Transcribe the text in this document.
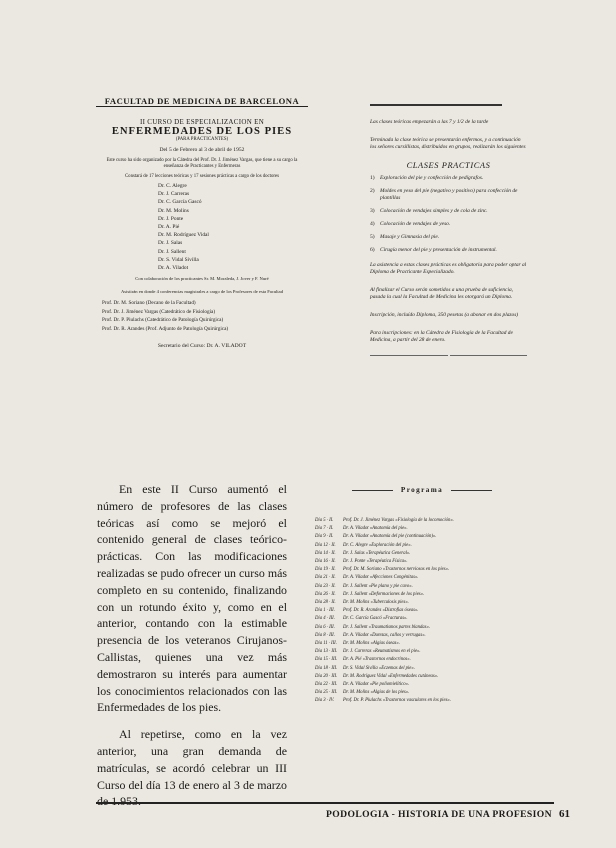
FACULTAD DE MEDICINA DE BARCELONA
II CURSO DE ESPECIALIZACION EN
ENFERMEDADES DE LOS PIES
(PARA PRACTICANTES)
Del 5 de Febrero al 3 de abril de 1952
Este curso ha sido organizado por la Cátedra del Prof. Dr. J. Jiménez Vargas, que tiene a su cargo la enseñanza de Practicantes y Enfermeras
Constará de 17 lecciones teóricas y 17 sesiones prácticas a cargo de los doctores
Dr. C. Alegre
Dr. J. Carreras
Dr. C. García Gascó
Dr. M. Molins
Dr. J. Ponte
Dr. A. Pié
Dr. M. Rodríguez Vidal
Dr. J. Salas
Dr. J. Sallent
Dr. S. Vidal Sivilla
Dr. A. Viladot
Con colaboración de los practicantes Sr. M. Moraleda, J. Jover y F. Nuré
Asistirán en donde 4 conferencias magistrales a cargo de los Profesores de esta Facultad
Prof. Dr. M. Soriano (Decano de la Facultad)
Prof. Dr. J. Jiménez Vargas (Catedrático de Fisiología)
Prof. Dr. P. Piulachs (Catedrático de Patología Quirúrgica)
Prof. Dr. R. Arandes (Prof. Adjunto de Patología Quirúrgica)
Secretario del Curso: Dr. A. VILADOT

Las clases teóricas empezarán a las 7 y 1/2 de la tarde

Terminada la clase teórica se presentarán enfermos, y a continuación los señores cursillistas, distribuidos en grupos, realizarán los siguientes

CLASES PRACTICAS
1) Exploración del pie y confección de pedígrafos.
2) Moldes en yeso del pie (negativo y positivo) para confección de plantillas
3) Colocación de vendajes simples y de cola de zinc.
4) Colocación de vendajes de yeso.
5) Masaje y Gimnasia del pie.
6) Cirugía menor del pie y presentación de instrumental.

La asistencia a estas clases prácticas es obligatoria para poder optar al Diploma de Practicante Especializado.

Al finalizar el Curso serán sometidos a una prueba de suficiencia, pasada la cual la Facultad de Medicina les otorgará un Diploma.

Inscripción, incluído Diploma, 350 pesetas (a abonar en dos plazos)

Para inscripciones: en la Cátedra de Fisiología de la Facultad de Medicina, a partir del 28 de enero.

En este II Curso aumentó el número de profesores de las clases teóricas así como se mejoró el contenido general de clases teórico-prácticas. Con las modificaciones realizadas se pudo ofrecer un curso más completo en su contenido, finalizando con un rotundo éxito y, como en el anterior, contando con la estimable presencia de los veteranos Cirujanos-Callistas, quienes una vez más demostraron su interés para aumentar los conocimientos relacionados con las Enfermedades de los pies.

Al repetirse, como en la vez anterior, una gran demanda de matrículas, se acordó celebrar un III Curso del día 13 de enero al 3 de marzo de 1.953.

Programa
Día 5 · II.	Prof. Dr. J. Jiménez Vargas «Fisiología de la locomoción».
Día 7 · II.	Dr. A. Viladot «Anatomía del pie».
Día 9 · II.	Dr. A. Viladot «Anatomía del pie (continuación)».
Día 12 · II.	Dr. C. Alegre «Exploración del pie».
Día 14 · II.	Dr. J. Salas «Terapéutica General».
Día 16 · II.	Dr. J. Ponte «Terapéutica Física».
Día 19 · II.	Prof. Dr. M. Soriano «Trastornos nerviosos en los pies».
Día 21 · II.	Dr. A. Viladot «Afecciones Congénitas».
Día 23 · II.	Dr. J. Sallent «Pie plano y pie cavo».
Día 26 · II.	Dr. J. Sallent «Deformaciones de los pies».
Día 28 · II.	Dr. M. Molins «Tuberculosis pies».
Día 1 · III.	Prof. Dr. R. Arandes «Distrofias óseas».
Día 4 · III.	Dr. C. García Gascó «Fracturas».
Día 6 · III.	Dr. J. Sallent «Traumatismos partes blandas».
Día 8 · III.	Dr. A. Viladot «Durezas, callos y verrugas».
Día 11 · III.	Dr. M. Molins «Algias óseas».
Día 13 · III.	Dr. J. Carreras «Reumatismos en el pie».
Día 15 · III.	Dr. A. Pié «Trastornos endocrinos».
Día 18 · III.	Dr. S. Vidal Sivilla «Eczemas del pie».
Día 20 · III.	Dr. M. Rodríguez Vidal «Enfermedades cutáneas».
Día 22 · III.	Dr. A. Viladot «Pie poliomielítico».
Día 25 · III.	Dr. M. Molins «Algias de los pies».
Día 3 · IV.	Prof. Dr. P. Piulachs «Trastornos vasculares en los pies».
PODOLOGIA - HISTORIA DE UNA PROFESION 61
